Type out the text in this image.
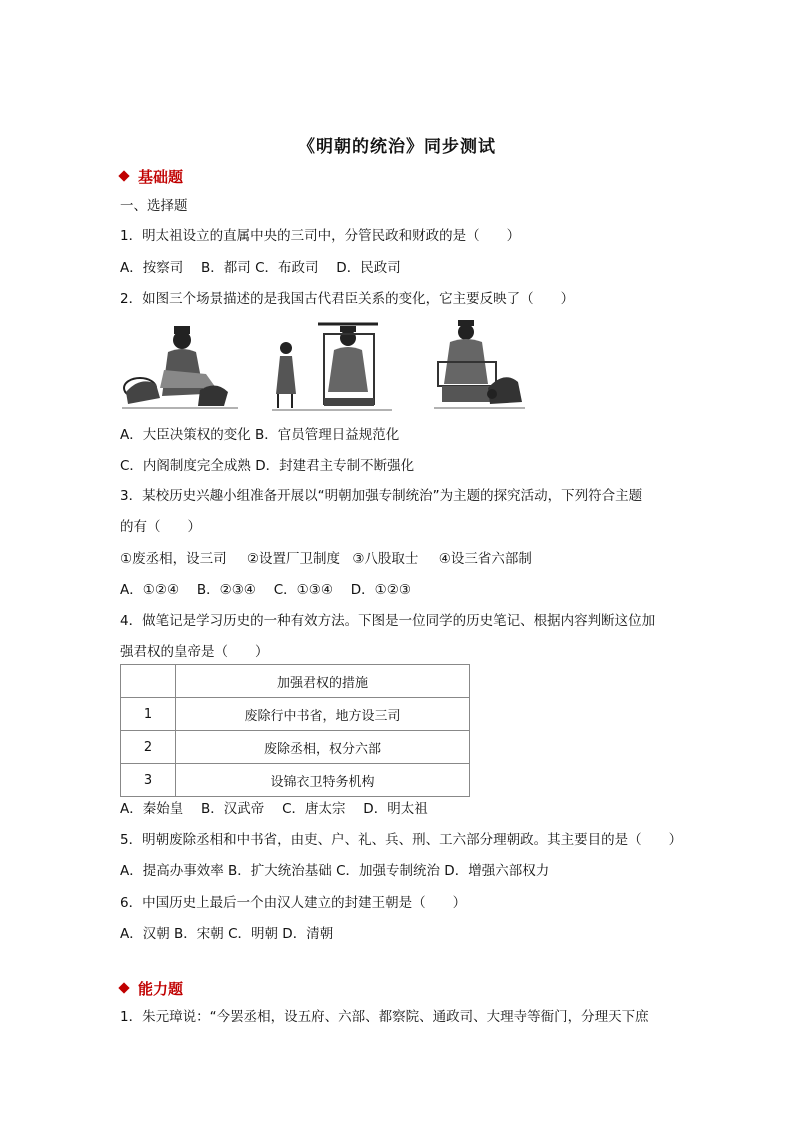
《明朝的统治》同步测试
基础题
一、选择题
1．明太祖设立的直属中央的三司中，分管民政和财政的是（　　）
A．按察司　 B．都司 C．布政司　 D．民政司
2．如图三个场景描述的是我国古代君臣关系的变化，它主要反映了（　　）
A．大臣决策权的变化 B．官员管理日益规范化
C．内阁制度完全成熟 D．封建君主专制不断强化
3．某校历史兴趣小组准备开展以“明朝加强专制统治”为主题的探究活动，下列符合主题
的有（　　）
①废丞相，设三司 ②设置厂卫制度 ③八股取士 ④设三省六部制
A．①②④　 B．②③④　 C．①③④　 D．①②③
4．做笔记是学习历史的一种有效方法。下图是一位同学的历史笔记、根据内容判断这位加
强君权的皇帝是（　　）
	加强君权的措施
1	废除行中书省，地方设三司
2	废除丞相，权分六部
3	设锦衣卫特务机构
A．秦始皇　 B．汉武帝　 C．唐太宗　 D．明太祖
5．明朝废除丞相和中书省，由吏、户、礼、兵、刑、工六部分理朝政。其主要目的是（　　）
A．提高办事效率 B．扩大统治基础 C．加强专制统治 D．增强六部权力
6．中国历史上最后一个由汉人建立的封建王朝是（　　）
A．汉朝 B．宋朝 C．明朝 D．清朝
能力题
1．朱元璋说：“今罢丞相，设五府、六部、都察院、通政司、大理寺等衙门，分理天下庶
